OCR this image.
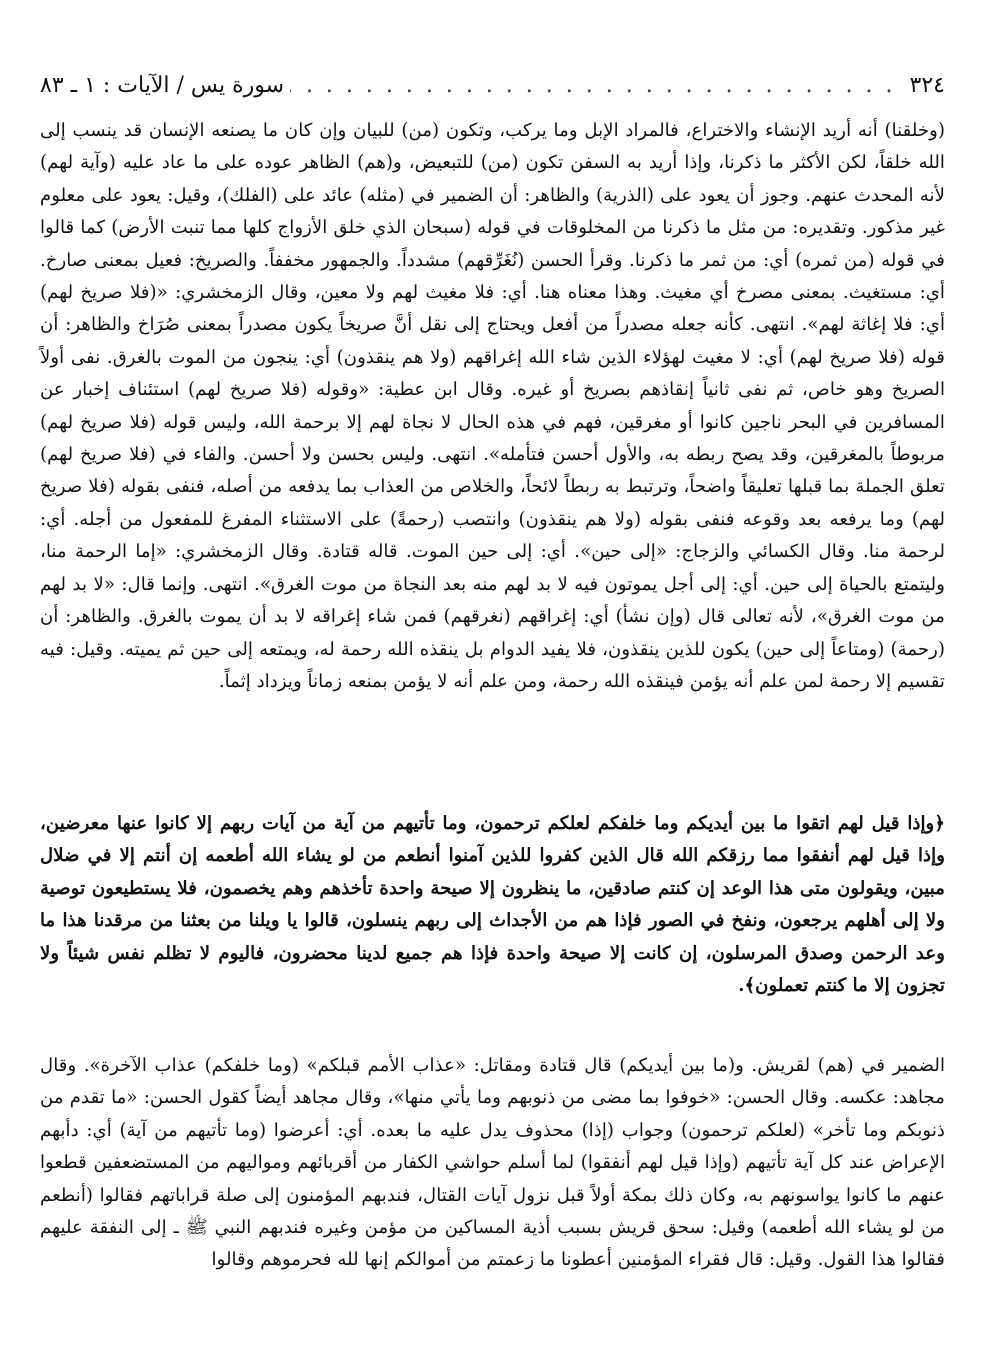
٣٢٤
. . .
سورة يس / الآيات : ١ ـ ٨٣

(وخلقنا) أنه أريد الإنشاء والاختراع، فالمراد الإبل وما يركب، وتكون (من) للبيان وإن كان ما يصنعه الإنسان قد ينسب إلى الله خلقاً، لكن الأكثر ما ذكرنا، وإذا أريد به السفن تكون (من) للتبعيض، و(هم) الظاهر عوده على ما عاد عليه (وآية لهم) لأنه المحدث عنهم. وجوز أن يعود على (الذرية) والظاهر: أن الضمير في (مثله) عائد على (الفلك)، وقيل: يعود على معلوم غير مذكور. وتقديره: من مثل ما ذكرنا من المخلوقات في قوله (سبحان الذي خلق الأزواج كلها مما تنبت الأرض) كما قالوا في قوله (من ثمره) أي: من ثمر ما ذكرنا. وقرأ الحسن (نُغَرِّقهم) مشدداً. والجمهور مخففاً. والصريخ: فعيل بمعنى صارخ. أي: مستغيث. بمعنى مصرخ أي مغيث. وهذا معناه هنا. أي: فلا مغيث لهم ولا معين، وقال الزمخشري: «(فلا صريخ لهم) أي: فلا إغاثة لهم». انتهى. كأنه جعله مصدراً من أفعل ويحتاج إلى نقل أنَّ صريخاً يكون مصدراً بمعنى صُرَاخ والظاهر: أن قوله (فلا صريخ لهم) أي: لا مغيث لهؤلاء الذين شاء الله إغراقهم (ولا هم ينقذون) أي: ينجون من الموت بالغرق. نفى أولاً الصريخ وهو خاص، ثم نفى ثانياً إنقاذهم بصريخ أو غيره. وقال ابن عطية: «وقوله (فلا صريخ لهم) استئناف إخبار عن المسافرين في البحر ناجين كانوا أو مغرقين، فهم في هذه الحال لا نجاة لهم إلا برحمة الله، وليس قوله (فلا صريخ لهم) مربوطاً بالمغرقين، وقد يصح ربطه به، والأول أحسن فتأمله». انتهى. وليس بحسن ولا أحسن. والفاء في (فلا صريخ لهم) تعلق الجملة بما قبلها تعليقاً واضحاً، وترتبط به ربطاً لائحاً، والخلاص من العذاب بما يدفعه من أصله، فنفى بقوله (فلا صريخ لهم) وما يرفعه بعد وقوعه فنفى بقوله (ولا هم ينقذون) وانتصب (رحمةً) على الاستثناء المفرغ للمفعول من أجله. أي: لرحمة منا. وقال الكسائي والزجاج: «إلى حين». أي: إلى حين الموت. قاله قتادة. وقال الزمخشري: «إما الرحمة منا، وليتمتع بالحياة إلى حين. أي: إلى أجل يموتون فيه لا بد لهم منه بعد النجاة من موت الغرق». انتهى. وإنما قال: «لا بد لهم من موت الغرق»، لأنه تعالى قال (وإن نشأ) أي: إغراقهم (نغرقهم) فمن شاء إغراقه لا بد أن يموت بالغرق. والظاهر: أن (رحمة) (ومتاعاً إلى حين) يكون للذين ينقذون، فلا يفيد الدوام بل ينقذه الله رحمة له، ويمتعه إلى حين ثم يميته. وقيل: فيه تقسيم إلا رحمة لمن علم أنه يؤمن فينقذه الله رحمة، ومن علم أنه لا يؤمن بمنعه زماناً ويزداد إثماً.

﴿وإذا قيل لهم اتقوا ما بين أيديكم وما خلفكم لعلكم ترحمون، وما تأتيهم من آية من آيات ربهم إلا كانوا عنها معرضين، وإذا قيل لهم أنفقوا مما رزقكم الله قال الذين كفروا للذين آمنوا أنطعم من لو يشاء الله أطعمه إن أنتم إلا في ضلال مبين، ويقولون متى هذا الوعد إن كنتم صادقين، ما ينظرون إلا صيحة واحدة تأخذهم وهم يخصمون، فلا يستطيعون توصية ولا إلى أهلهم يرجعون، ونفخ في الصور فإذا هم من الأجداث إلى ربهم ينسلون، قالوا يا ويلنا من بعثنا من مرقدنا هذا ما وعد الرحمن وصدق المرسلون، إن كانت إلا صيحة واحدة فإذا هم جميع لدينا محضرون، فاليوم لا تظلم نفس شيئاً ولا تجزون إلا ما كنتم تعملون﴾.

الضمير في (هم) لقريش. و(ما بين أيديكم) قال قتادة ومقاتل: «عذاب الأمم قبلكم» (وما خلفكم) عذاب الآخرة». وقال مجاهد: عكسه. وقال الحسن: «خوفوا بما مضى من ذنوبهم وما يأتي منها»، وقال مجاهد أيضاً كقول الحسن: «ما تقدم من ذنوبكم وما تأخر» (لعلكم ترحمون) وجواب (إذا) محذوف يدل عليه ما بعده. أي: أعرضوا (وما تأتيهم من آية) أي: دأبهم الإعراض عند كل آية تأتيهم (وإذا قيل لهم أنفقوا) لما أسلم حواشي الكفار من أقربائهم ومواليهم من المستضعفين قطعوا عنهم ما كانوا يواسونهم به، وكان ذلك بمكة أولاً قبل نزول آيات القتال، فندبهم المؤمنون إلى صلة قراباتهم فقالوا (أنطعم من لو يشاء الله أطعمه) وقيل: سحق قريش بسبب أذية المساكين من مؤمن وغيره فندبهم النبي ﷺ ـ إلى النفقة عليهم فقالوا هذا القول. وقيل: قال فقراء المؤمنين أعطونا ما زعمتم من أموالكم إنها لله فحرموهم وقالوا
